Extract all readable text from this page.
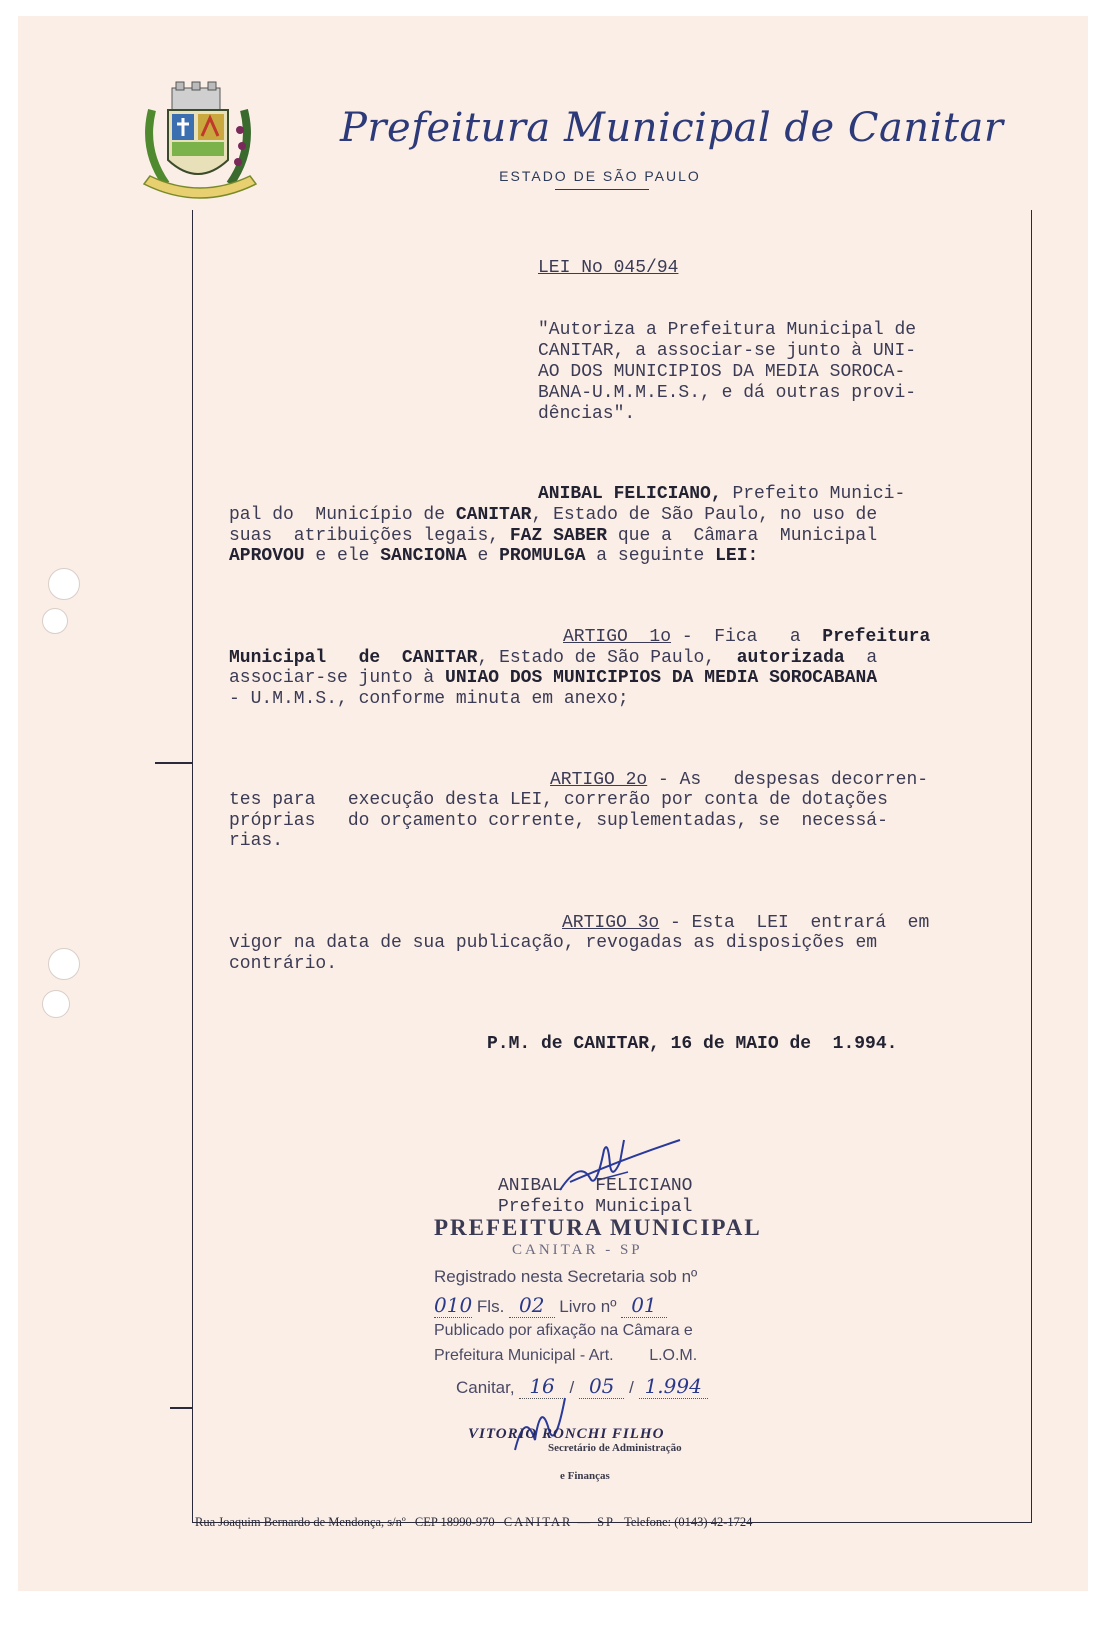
Prefeitura Municipal de Canitar
ESTADO DE SÃO PAULO
LEI No 045/94
"Autoriza a Prefeitura Municipal de
CANITAR, a associar-se junto à UNI-
AO DOS MUNICIPIOS DA MEDIA SOROCA-
BANA-U.M.M.E.S., e dá outras provi-
dências".
ANIBAL FELICIANO, Prefeito Munici-
pal do  Município de CANITAR, Estado de São Paulo, no uso de
suas  atribuições legais, FAZ SABER que a  Câmara  Municipal
APROVOU e ele SANCIONA e PROMULGA a seguinte LEI:
ARTIGO  1o -  Fica   a  Prefeitura
Municipal   de  CANITAR, Estado de São Paulo,  autorizada  a
associar-se junto à UNIAO DOS MUNICIPIOS DA MEDIA SOROCABANA
- U.M.M.S., conforme minuta em anexo;
ARTIGO 2o - As   despesas decorren-
tes para   execução desta LEI, correrão por conta de dotações
próprias   do orçamento corrente, suplementadas, se  necessá-
rias.
ARTIGO 3o - Esta  LEI  entrará  em
vigor na data de sua publicação, revogadas as disposições em
contrário.
P.M. de CANITAR, 16 de MAIO de  1.994.
ANIBAL   FELICIANO
Prefeito Municipal
PREFEITURA MUNICIPAL
CANITAR - SP
Registrado nesta Secretaria sob nº
010 Fls. 02 Livro nº 01
Publicado por afixação na Câmara e
Prefeitura Municipal - Art.        L.O.M.
Canitar, 16 / 05 / 1.994
VITORIO RONCHI FILHO
Secretário de Administração
e Finanças
Rua Joaquim Bernardo de Mendonça, s/nº CEP 18990-970 CANITAR — SP Telefone: (0143) 42-1724
